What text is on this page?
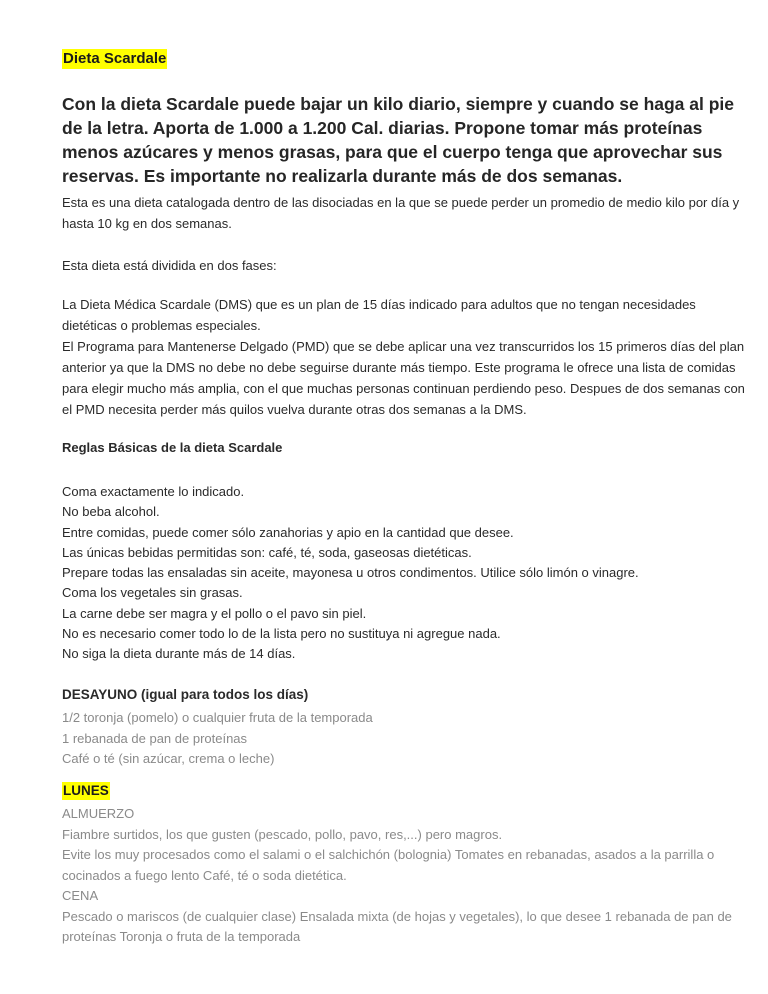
Dieta Scardale
Con la dieta Scardale puede bajar un kilo diario, siempre y cuando se haga al pie de la letra. Aporta de 1.000 a 1.200 Cal. diarias. Propone tomar más proteínas menos azúcares y menos grasas, para que el cuerpo tenga que aprovechar sus reservas. Es importante no realizarla durante más de dos semanas.
Esta es una dieta catalogada dentro de las disociadas en la que se puede perder un promedio de medio kilo por día y hasta 10 kg en dos semanas.
Esta dieta está dividida en dos fases:
La Dieta Médica Scardale (DMS) que es un plan de 15 días indicado para adultos que no tengan necesidades dietéticas o problemas especiales.
El Programa para Mantenerse Delgado (PMD) que se debe aplicar una vez transcurridos los 15 primeros días del plan anterior ya que la DMS no debe no debe seguirse durante más tiempo. Este programa le ofrece una lista de comidas para elegir mucho más amplia, con el que muchas personas continuan perdiendo peso. Despues de dos semanas con el PMD necesita perder más quilos vuelva durante otras dos semanas a la DMS.
Reglas Básicas de la dieta Scardale
Coma exactamente lo indicado.
No beba alcohol.
Entre comidas, puede comer sólo zanahorias y apio en la cantidad que desee.
Las únicas bebidas permitidas son: café, té, soda, gaseosas dietéticas.
Prepare todas las ensaladas sin aceite, mayonesa u otros condimentos. Utilice sólo limón o vinagre.
Coma los vegetales sin grasas.
La carne debe ser magra y el pollo o el pavo sin piel.
No es necesario comer todo lo de la lista pero no sustituya ni agregue nada.
No siga la dieta durante más de 14 días.
DESAYUNO (igual para todos los días)
1/2 toronja (pomelo) o cualquier fruta de la temporada
1 rebanada de pan de proteínas
Café o té (sin azúcar, crema o leche)
LUNES
ALMUERZO
Fiambre surtidos, los que gusten (pescado, pollo, pavo, res,...) pero magros.
Evite los muy procesados como el salami o el salchichón (bolognia) Tomates en rebanadas, asados a la parrilla o cocinados a fuego lento Café, té o soda dietética.
CENA
Pescado o mariscos (de cualquier clase) Ensalada mixta (de hojas y vegetales), lo que desee 1 rebanada de pan de proteínas Toronja o fruta de la temporada
